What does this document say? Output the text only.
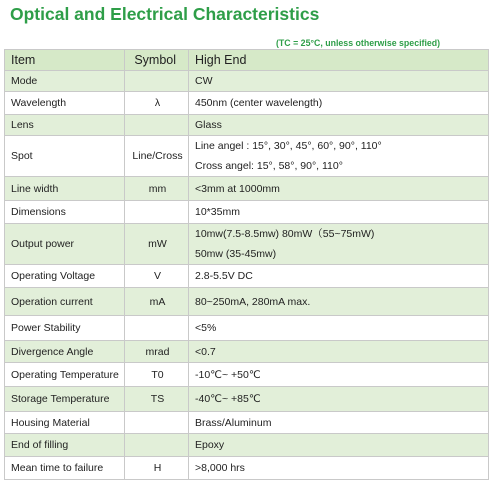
Optical and Electrical Characteristics
(TC = 25°C, unless otherwise specified)
Item	Symbol	High End
Mode		CW

Wavelength	λ	450nm (center wavelength)

Lens		Glass

Spot	Line/Cross	Line angel : 15°, 30°, 45°, 60°, 90°, 110°
Cross angel: 15°, 58°, 90°, 110°

Line width	mm	<3mm at 1000mm

Dimensions		10*35mm

Output power	mW	10mw(7.5-8.5mw) 80mW（55~75mW)
50mw (35-45mw)

Operating Voltage	V	2.8-5.5V DC

Operation current	mA	80~250mA, 280mA max.

Power Stability		<5%

Divergence Angle	mrad	<0.7

Operating Temperature	T0	-10℃~ +50℃

Storage Temperature	TS	-40℃~ +85℃

Housing Material		Brass/Aluminum

End of filling		Epoxy

Mean time to failure	H	>8,000 hrs
